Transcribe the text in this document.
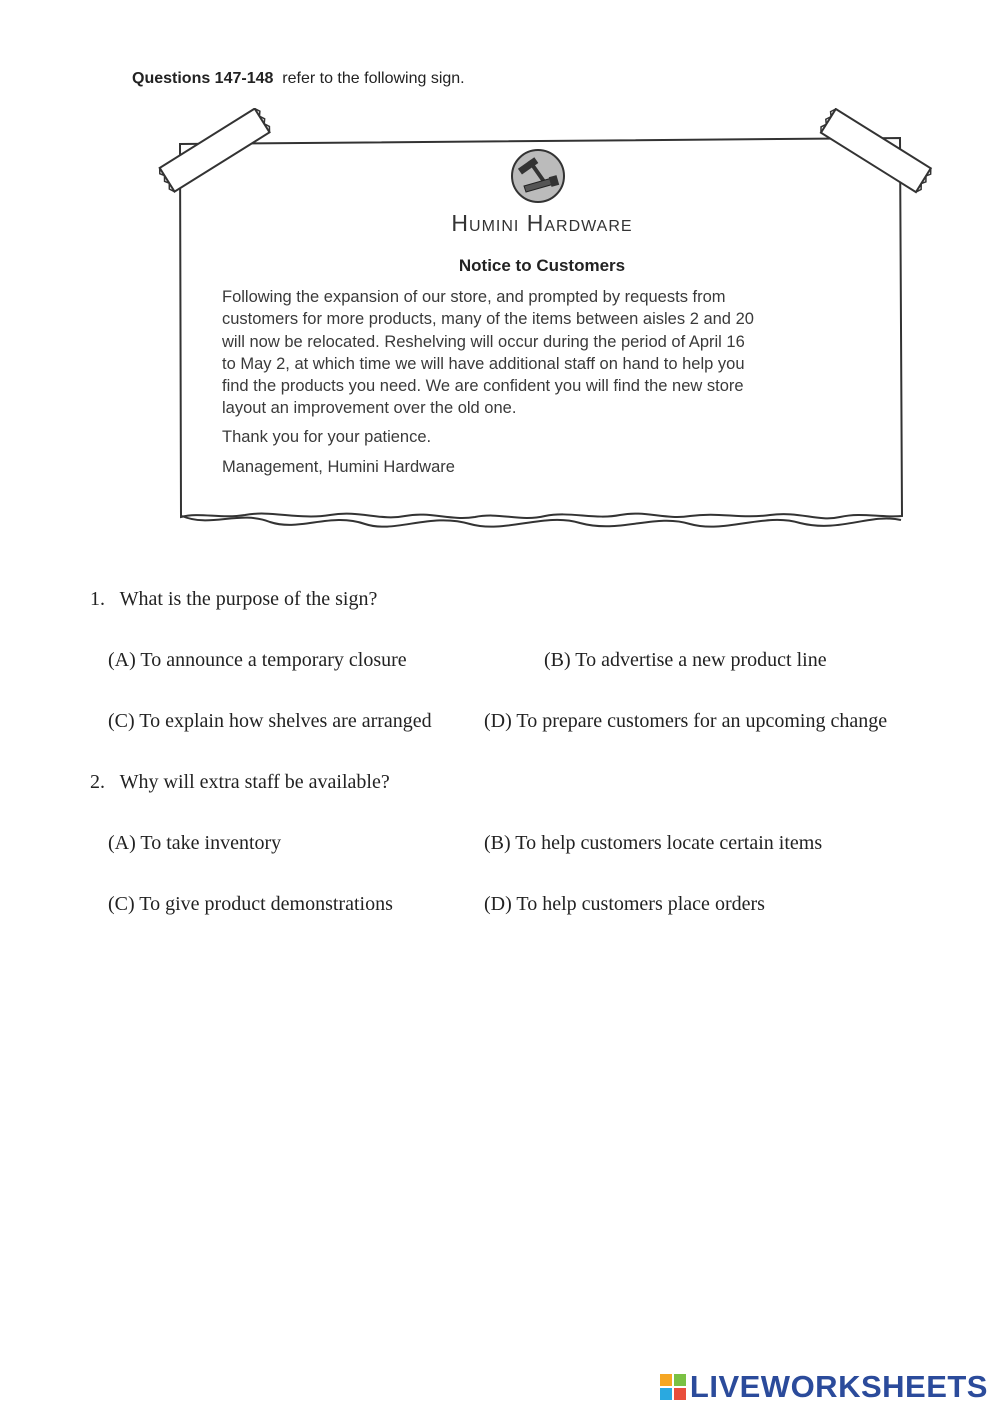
Questions 147-148 refer to the following sign.
Humini Hardware
Notice to Customers
Following the expansion of our store, and prompted by requests from
customers for more products, many of the items between aisles 2 and 20
will now be relocated. Reshelving will occur during the period of April 16
to May 2, at which time we will have additional staff on hand to help you
find the products you need. We are confident you will find the new store
layout an improvement over the old one.
Thank you for your patience.
Management, Humini Hardware
1. What is the purpose of the sign?
(A) To announce a temporary closure	(B) To advertise a new product line
(C) To explain how shelves are arranged	(D) To prepare customers for an upcoming change
2. Why will extra staff be available?
(A) To take inventory	(B) To help customers locate certain items
(C) To give product demonstrations	(D) To help customers place orders
LIVEWORKSHEETS
